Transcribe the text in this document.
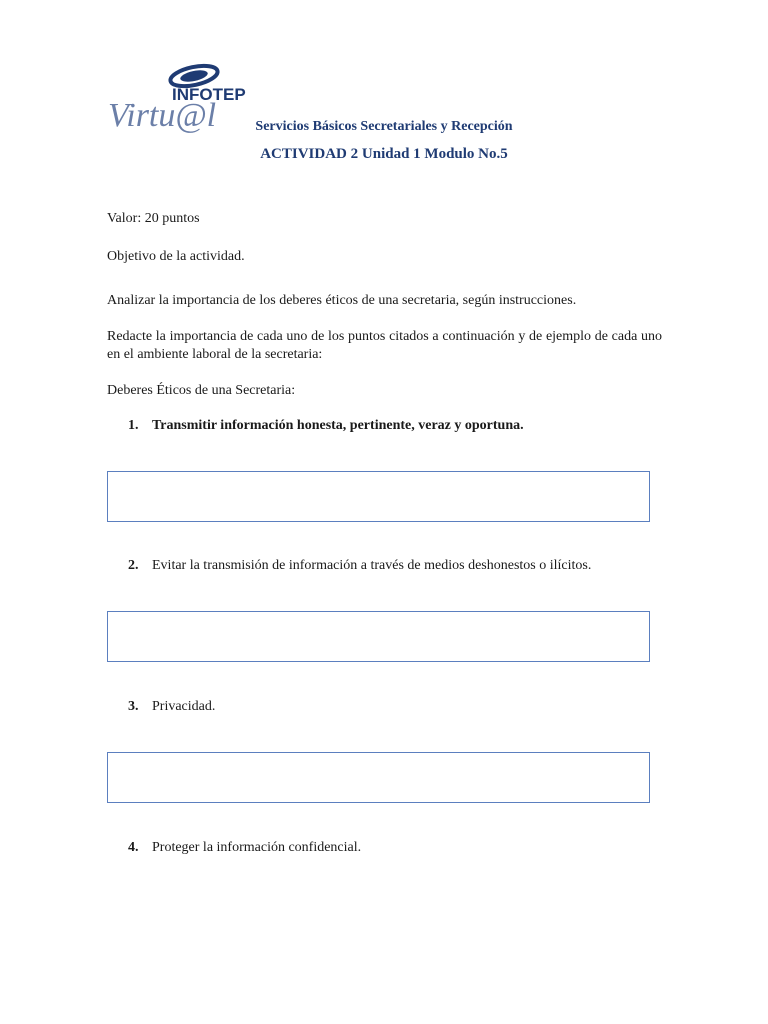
INFOTEP
Virtu@l	Servicios Básicos Secretariales y Recepción
ACTIVIDAD 2 Unidad 1 Modulo No.5
Valor: 20 puntos
Objetivo de la actividad.
Analizar la importancia de los deberes éticos de una secretaria, según instrucciones.
Redacte la importancia de cada uno de los puntos citados a continuación y de ejemplo de cada uno en el ambiente laboral de la secretaria:
Deberes Éticos de una Secretaria:
1. Transmitir información honesta, pertinente, veraz y oportuna.
2. Evitar la transmisión de información a través de medios deshonestos o ilícitos.
3. Privacidad.
4. Proteger la información confidencial.
